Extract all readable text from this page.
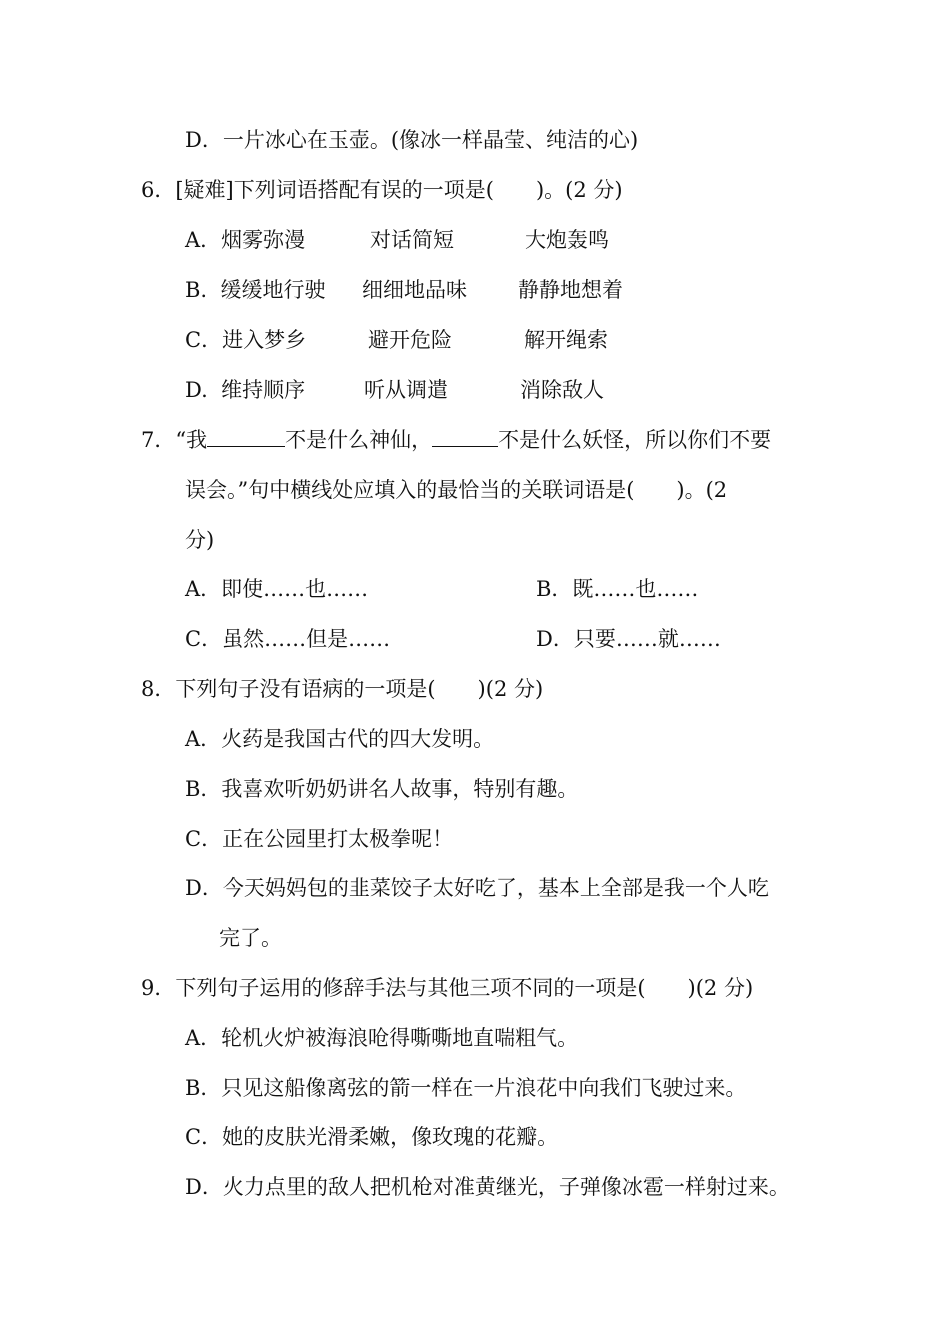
D．一片冰心在玉壶。(像冰一样晶莹、纯洁的心)
6．[疑难]下列词语搭配有误的一项是(　　)。(2 分)
A．烟雾弥漫	对话简短	大炮轰鸣
B.  缓缓地行驶 细细地品味 静静地想着
C．进入梦乡	避开危险	解开绳索
D.  维持顺序	听从调遣	消除敌人
7．“我	不是什么神仙，	不是什么妖怪，所以你们不要
误会。”句中横线处应填入的最恰当的关联词语是(　　)。(2
分)
A．即使……也……	B．既……也……
C．虽然……但是……	D．只要……就……
8．下列句子没有语病的一项是(　　)(2 分)
A．火药是我国古代的四大发明。
B．我喜欢听奶奶讲名人故事，特别有趣。
C．正在公园里打太极拳呢！
D．今天妈妈包的韭菜饺子太好吃了，基本上全部是我一个人吃
完了。
9．下列句子运用的修辞手法与其他三项不同的一项是(　　)(2 分)
A．轮机火炉被海浪呛得嘶嘶地直喘粗气。
B．只见这船像离弦的箭一样在一片浪花中向我们飞驶过来。
C．她的皮肤光滑柔嫩，像玫瑰的花瓣。
D．火力点里的敌人把机枪对准黄继光，子弹像冰雹一样射过来。
